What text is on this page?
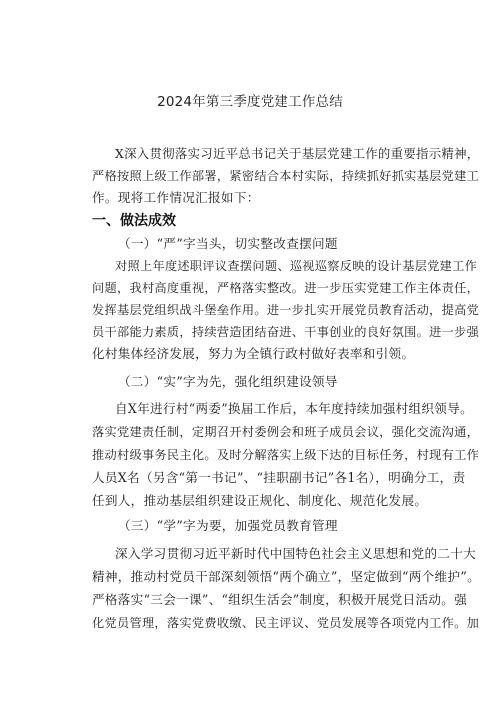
2024年第三季度党建工作总结
X深入贯彻落实习近平总书记关于基层党建工作的重要指示精神，
严格按照上级工作部署，紧密结合本村实际，持续抓好抓实基层党建工
作。现将工作情况汇报如下：
一、做法成效
（一）“严”字当头，切实整改查摆问题
对照上年度述职评议查摆问题、巡视巡察反映的设计基层党建工作
问题，我村高度重视，严格落实整改。进一步压实党建工作主体责任，
发挥基层党组织战斗堡垒作用。进一步扎实开展党员教育活动，提高党
员干部能力素质，持续营造团结奋进、干事创业的良好氛围。进一步强
化村集体经济发展，努力为全镇行政村做好表率和引领。
（二）“实”字为先，强化组织建设领导
自X年进行村“两委”换届工作后，本年度持续加强村组织领导。
落实党建责任制，定期召开村委例会和班子成员会议，强化交流沟通，
推动村级事务民主化。及时分解落实上级下达的目标任务，村现有工作
人员X名（另含“第一书记”、“挂职副书记”各1名），明确分工，责
任到人，推动基层组织建设正规化、制度化、规范化发展。
（三）“学”字为要，加强党员教育管理
深入学习贯彻习近平新时代中国特色社会主义思想和党的二十大
精神，推动村党员干部深刻领悟“两个确立”，坚定做到“两个维护”。
严格落实“三会一课”、“组织生活会”制度，积极开展党日活动。强
化党员管理，落实党费收缴、民主评议、党员发展等各项党内工作。加
